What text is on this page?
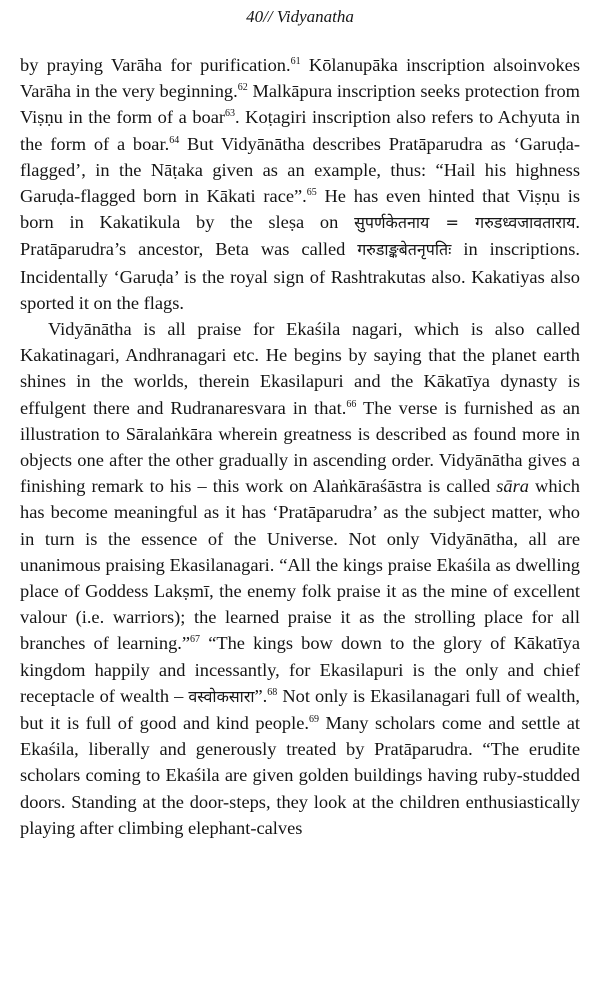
40// Vidyanatha

by praying Varāha for purification.$^{61}$ Kōlanupāka inscription alsoinvokes Varāha in the very beginning.$^{62}$ Malkāpura inscription seeks protection from Viṣṇu in the form of a boar$^{63}$. Koṭagiri inscription also refers to Achyuta in the form of a boar.$^{64}$ But Vidyānātha describes Pratāparudra as ‘Garuḍa-flagged’, in the Nāṭaka given as an example, thus: “Hail his highness Garuḍa-flagged born in Kākati race”.$^{65}$ He has even hinted that Viṣṇu is born in Kakatikula by the sleṣa on सुपर्णकेतनाय = गरुडध्वजावताराय. Pratāparudra’s ancestor, Beta was called गरुडाङ्कबेतनृपतिः in inscriptions. Incidentally ‘Garuḍa’ is the royal sign of Rashtrakutas also. Kakatiyas also sported it on the flags.

Vidyānātha is all praise for Ekaśila nagari, which is also called Kakatinagari, Andhranagari etc. He begins by saying that the planet earth shines in the worlds, therein Ekasilapuri and the Kākatīya dynasty is effulgent there and Rudranaresvara in that.$^{66}$ The verse is furnished as an illustration to Sāralaṅkāra wherein greatness is described as found more in objects one after the other gradually in ascending order. Vidyānātha gives a finishing remark to his – this work on Alaṅkāraśāstra is called sāra which has become meaningful as it has ‘Pratāparudra’ as the subject matter, who in turn is the essence of the Universe. Not only Vidyānātha, all are unanimous praising Ekasilanagari. “All the kings praise Ekaśila as dwelling place of Goddess Lakṣmī, the enemy folk praise it as the mine of excellent valour (i.e. warriors); the learned praise it as the strolling place for all branches of learning.”$^{67}$ “The kings bow down to the glory of Kākatīya kingdom happily and incessantly, for Ekasilapuri is the only and chief receptacle of wealth – वस्वोकसारा”.$^{68}$ Not only is Ekasilanagari full of wealth, but it is full of good and kind people.$^{69}$ Many scholars come and settle at Ekaśila, liberally and generously treated by Pratāparudra. “The erudite scholars coming to Ekaśila are given golden buildings having ruby-studded doors. Standing at the door-steps, they look at the children enthusiastically playing after climbing elephant-calves
